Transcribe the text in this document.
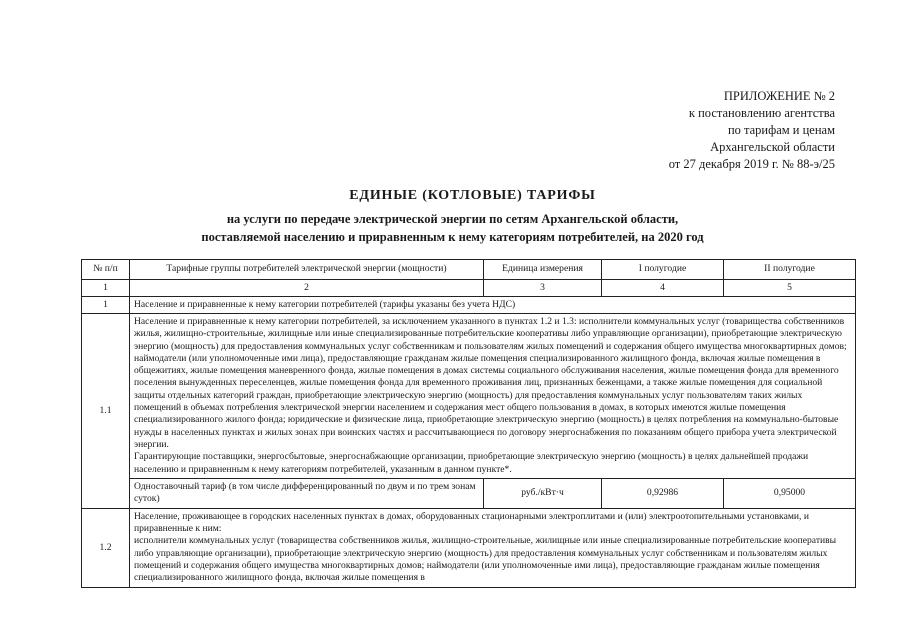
ПРИЛОЖЕНИЕ № 2
к постановлению агентства
по тарифам и ценам
Архангельской области
от 27 декабря 2019 г. № 88-э/25
ЕДИНЫЕ (КОТЛОВЫЕ) ТАРИФЫ
на услуги по передаче электрической энергии по сетям Архангельской области,
поставляемой населению и приравненным к нему категориям потребителей, на 2020 год
№ п/п	Тарифные группы потребителей электрической энергии (мощности)	Единица измерения	I полугодие	II полугодие
1	2	3	4	5
1	Население и приравненные к нему категории потребителей (тарифы указаны без учета НДС)			
1.1	Население и приравненные к нему категории потребителей, за исключением указанного в пунктах 1.2 и 1.3: исполнители коммунальных услуг (товарищества собственников жилья, жилищно-строительные, жилищные или иные специализированные потребительские кооперативы либо управляющие организации), приобретающие электрическую энергию (мощность) для предоставления коммунальных услуг собственникам и пользователям жилых помещений и содержания общего имущества многоквартирных домов; наймодатели (или уполномоченные ими лица), предоставляющие гражданам жилые помещения специализированного жилищного фонда, включая жилые помещения в общежитиях, жилые помещения маневренного фонда, жилые помещения в домах системы социального обслуживания населения, жилые помещения фонда для временного поселения вынужденных переселенцев, жилые помещения фонда для временного проживания лиц, признанных беженцами, а также жилые помещения для социальной защиты отдельных категорий граждан, приобретающие электрическую энергию (мощность) для предоставления коммунальных услуг пользователям таких жилых помещений в объемах потребления электрической энергии населением и содержания мест общего пользования в домах, в которых имеются жилые помещения специализированного жилого фонда; юридические и физические лица, приобретающие электрическую энергию (мощность) в целях потребления на коммунально-бытовые нужды в населенных пунктах и жилых зонах при воинских частях и рассчитывающиеся по договору энергоснабжения по показаниям общего прибора учета электрической энергии.

Гарантирующие поставщики, энергосбытовые, энергоснабжающие организации, приобретающие электрическую энергию (мощность) в целях дальнейшей продажи населению и приравненным к нему категориям потребителей, указанным в данном пункте*.			

	Одноставочный тариф (в том числе дифференцированный по двум и по трем зонам суток)	руб./кВт·ч	0,92986	0,95000
1.2	Население, проживающее в городских населенных пунктах в домах, оборудованных стационарными электроплитами и (или) электроотопительными установками, и приравненные к ним:

исполнители коммунальных услуг (товарищества собственников жилья, жилищно-строительные, жилищные или иные специализированные потребительские кооперативы либо управляющие организации), приобретающие электрическую энергию (мощность) для предоставления коммунальных услуг собственникам и пользователям жилых помещений и содержания общего имущества многоквартирных домов; наймодатели (или уполномоченные ими лица), предоставляющие гражданам жилые помещения специализированного жилищного фонда, включая жилые помещения в			
